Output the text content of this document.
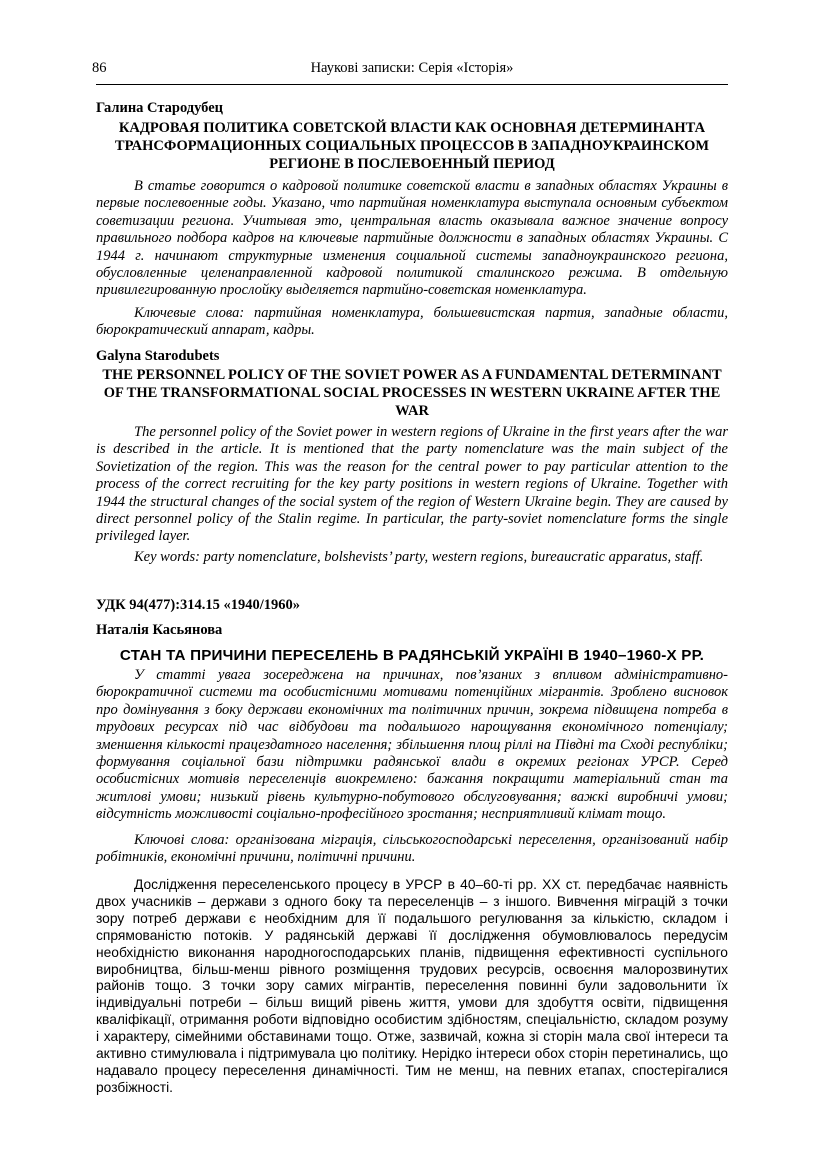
86	Наукові записки: Серія «Історія»
Галина Стародубец
КАДРОВАЯ ПОЛИТИКА СОВЕТСКОЙ ВЛАСТИ КАК ОСНОВНАЯ ДЕТЕРМИНАНТА ТРАНСФОРМАЦИОННЫХ СОЦИАЛЬНЫХ ПРОЦЕССОВ В ЗАПАДНОУКРАИНСКОМ РЕГИОНЕ В ПОСЛЕВОЕННЫЙ ПЕРИОД
В статье говорится о кадровой политике советской власти в западных областях Украины в первые послевоенные годы. Указано, что партийная номенклатура выступала основным субъектом советизации региона. Учитывая это, центральная власть оказывала важное значение вопросу правильного подбора кадров на ключевые партийные должности в западных областях Украины. С 1944 г. начинают структурные изменения социальной системы западноукраинского региона, обусловленные целенаправленной кадровой политикой сталинского режима. В отдельную привилегированную прослойку выделяется партийно-советская номенклатура.
Ключевые слова: партийная номенклатура, большевистская партия, западные области, бюрократический аппарат, кадры.
Galyna Starodubets
THE PERSONNEL POLICY OF THE SOVIET POWER AS A FUNDAMENTAL DETERMINANT OF THE TRANSFORMATIONAL SOCIAL PROCESSES IN WESTERN UKRAINE AFTER THE WAR
The personnel policy of the Soviet power in western regions of Ukraine in the first years after the war is described in the article. It is mentioned that the party nomenclature was the main subject of the Sovietization of the region. This was the reason for the central power to pay particular attention to the process of the correct recruiting for the key party positions in western regions of Ukraine. Together with 1944 the structural changes of the social system of the region of Western Ukraine begin. They are caused by direct personnel policy of the Stalin regime. In particular, the party-soviet nomenclature forms the single privileged layer.
Key words: party nomenclature, bolshevists’ party, western regions, bureaucratic apparatus, staff.
УДК 94(477):314.15 «1940/1960»
Наталія Касьянова
СТАН ТА ПРИЧИНИ ПЕРЕСЕЛЕНЬ В РАДЯНСЬКІЙ УКРАЇНІ В 1940–1960-Х РР.
У статті увага зосереджена на причинах, пов’язаних з впливом адміністративно-бюрократичної системи та особистісними мотивами потенційних мігрантів. Зроблено висновок про домінування з боку держави економічних та політичних причин, зокрема підвищена потреба в трудових ресурсах під час відбудови та подальшого нарощування економічного потенціалу; зменшення кількості працездатного населення; збільшення площ ріллі на Півдні та Сході республіки; формування соціальної бази підтримки радянської влади в окремих регіонах УРСР. Серед особистісних мотивів переселенців виокремлено: бажання покращити матеріальний стан та житлові умови; низький рівень культурно-побутового обслуговування; важкі виробничі умови; відсутність можливості соціально-професійного зростання; несприятливий клімат тощо.
Ключові слова: організована міграція, сільськогосподарські переселення, організований набір робітників, економічні причини, політичні причини.
Дослідження переселенського процесу в УРСР в 40–60-ті рр. ХХ ст. передбачає наявність двох учасників – держави з одного боку та переселенців – з іншого. Вивчення міграцій з точки зору потреб держави є необхідним для її подальшого регулювання за кількістю, складом і спрямованістю потоків. У радянській державі її дослідження обумовлювалось передусім необхідністю виконання народногосподарських планів, підвищення ефективності суспільного виробництва, більш-менш рівного розміщення трудових ресурсів, освоєння малорозвинутих районів тощо. З точки зору самих мігрантів, переселення повинні були задовольнити їх індивідуальні потреби – більш вищий рівень життя, умови для здобуття освіти, підвищення кваліфікації, отримання роботи відповідно особистим здібностям, спеціальністю, складом розуму і характеру, сімейними обставинами тощо. Отже, зазвичай, кожна зі сторін мала свої інтереси та активно стимулювала і підтримувала цю політику. Нерідко інтереси обох сторін перетинались, що надавало процесу переселення динамічності. Тим не менш, на певних етапах, спостерігалися розбіжності.
